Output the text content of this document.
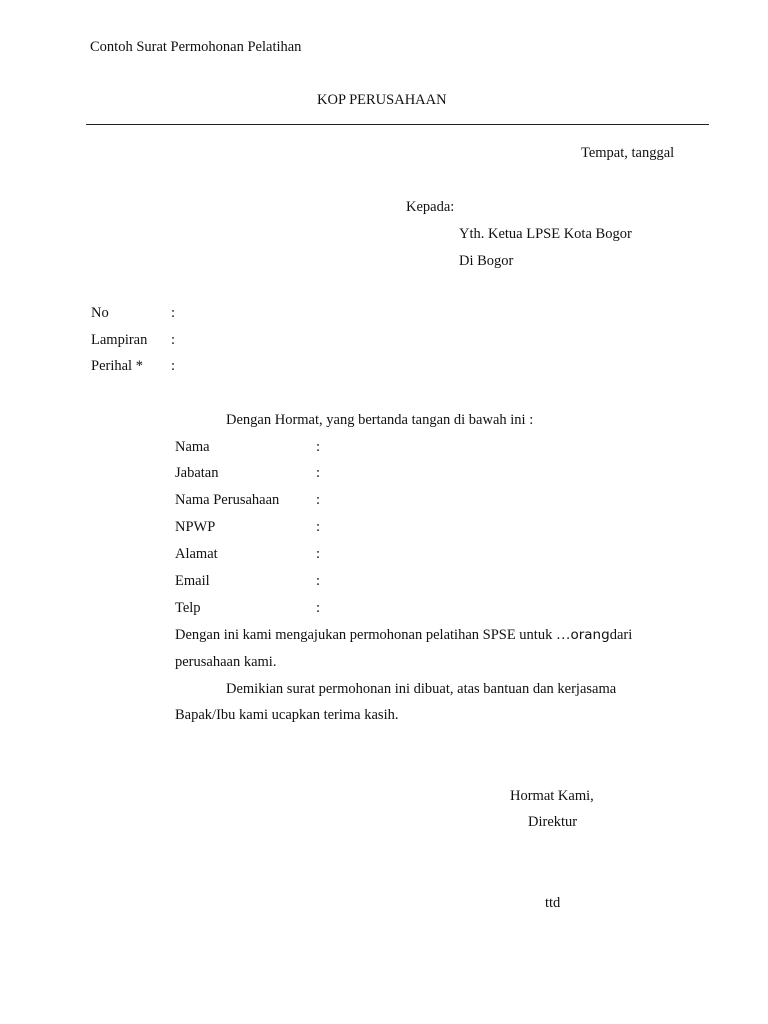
Contoh Surat Permohonan Pelatihan
KOP PERUSAHAAN
Tempat, tanggal
Kepada:
Yth. Ketua LPSE Kota Bogor
Di Bogor
No	:
Lampiran :
Perihal * :
Dengan Hormat, yang bertanda tangan di bawah ini :
Nama	:
Jabatan	:
Nama Perusahaan	:
NPWP	:
Alamat	:
Email	:
Telp	:
Dengan ini kami mengajukan permohonan pelatihan SPSE untuk …orangdari
perusahaan kami.
Demikian surat permohonan ini dibuat, atas bantuan dan kerjasama
Bapak/Ibu kami ucapkan terima kasih.
Hormat Kami,
Direktur
ttd
